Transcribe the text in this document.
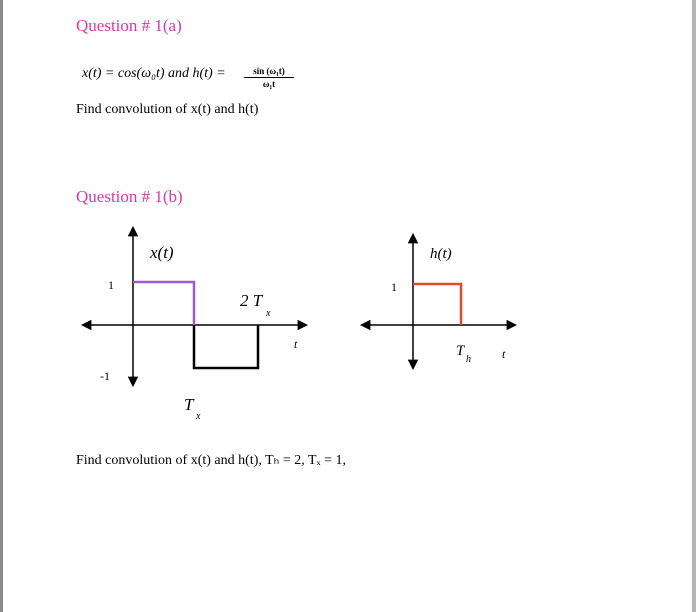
Question # 1(a)
x(t) = cos(ω₀t) and $h(t) = \frac{\text{sin (ω₁t)}}{\text{ω₁t}}$
Find convolution of x(t) and h(t)
Question # 1(b)
x(t)
1
-1
2 T
x
T
x
t
h(t)
1
T
h	t
Find convolution of x(t) and h(t), Tₕ = 2, Tₓ = 1,
